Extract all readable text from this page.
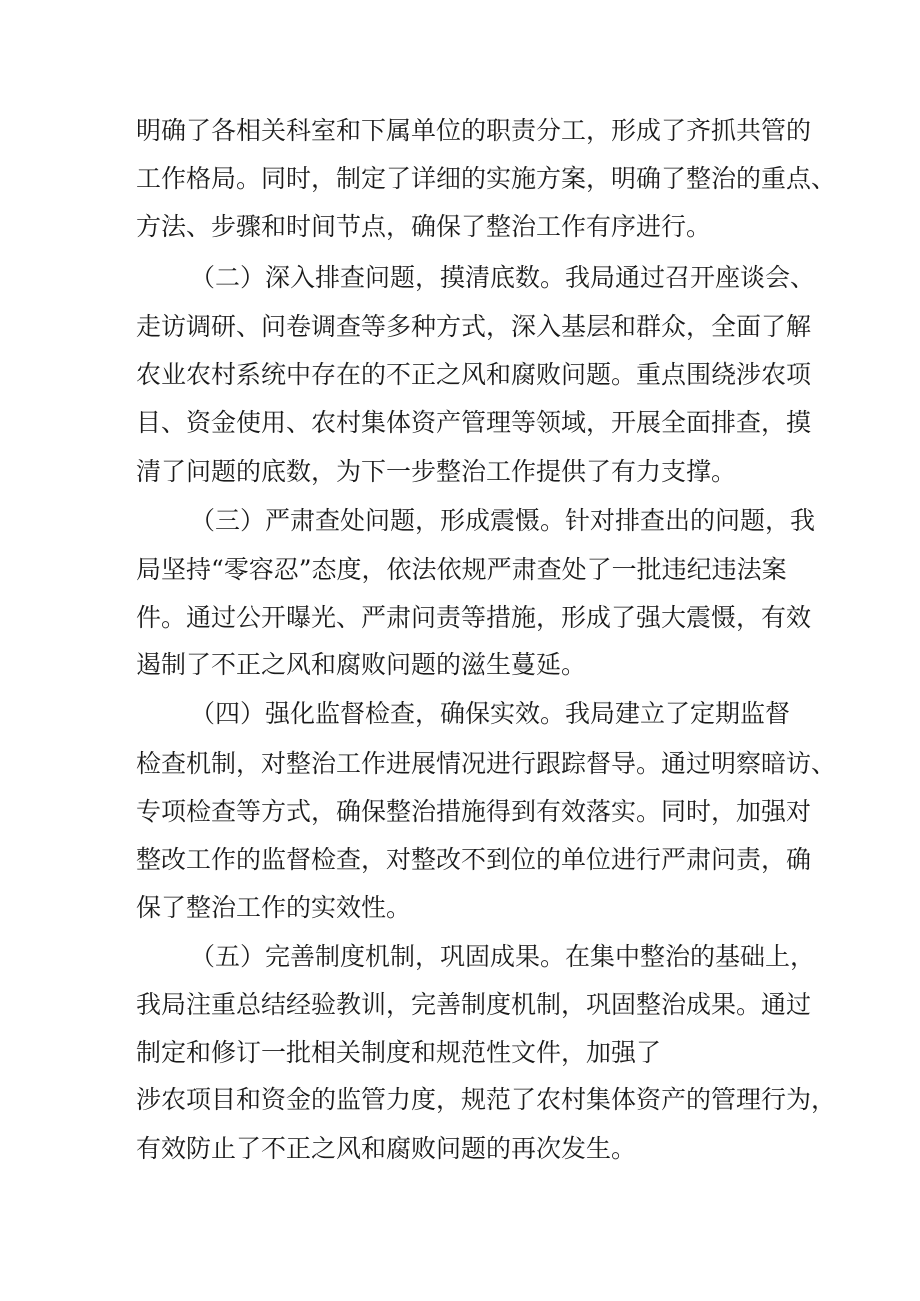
明确了各相关科室和下属单位的职责分工，形成了齐抓共管的
工作格局。同时，制定了详细的实施方案，明确了整治的重点、
方法、步骤和时间节点，确保了整治工作有序进行。
（二）深入排查问题，摸清底数。我局通过召开座谈会、
走访调研、问卷调查等多种方式，深入基层和群众，全面了解
农业农村系统中存在的不正之风和腐败问题。重点围绕涉农项
目、资金使用、农村集体资产管理等领域，开展全面排查，摸
清了问题的底数，为下一步整治工作提供了有力支撑。
（三）严肃查处问题，形成震慑。针对排查出的问题，我
局坚持“零容忍”态度，依法依规严肃查处了一批违纪违法案
件。通过公开曝光、严肃问责等措施，形成了强大震慑，有效
遏制了不正之风和腐败问题的滋生蔓延。
（四）强化监督检查，确保实效。我局建立了定期监督
检查机制，对整治工作进展情况进行跟踪督导。通过明察暗访、
专项检查等方式，确保整治措施得到有效落实。同时，加强对
整改工作的监督检查，对整改不到位的单位进行严肃问责，确
保了整治工作的实效性。
（五）完善制度机制，巩固成果。在集中整治的基础上，
我局注重总结经验教训，完善制度机制，巩固整治成果。通过
制定和修订一批相关制度和规范性文件，加强了
涉农项目和资金的监管力度，规范了农村集体资产的管理行为，
有效防止了不正之风和腐败问题的再次发生。
